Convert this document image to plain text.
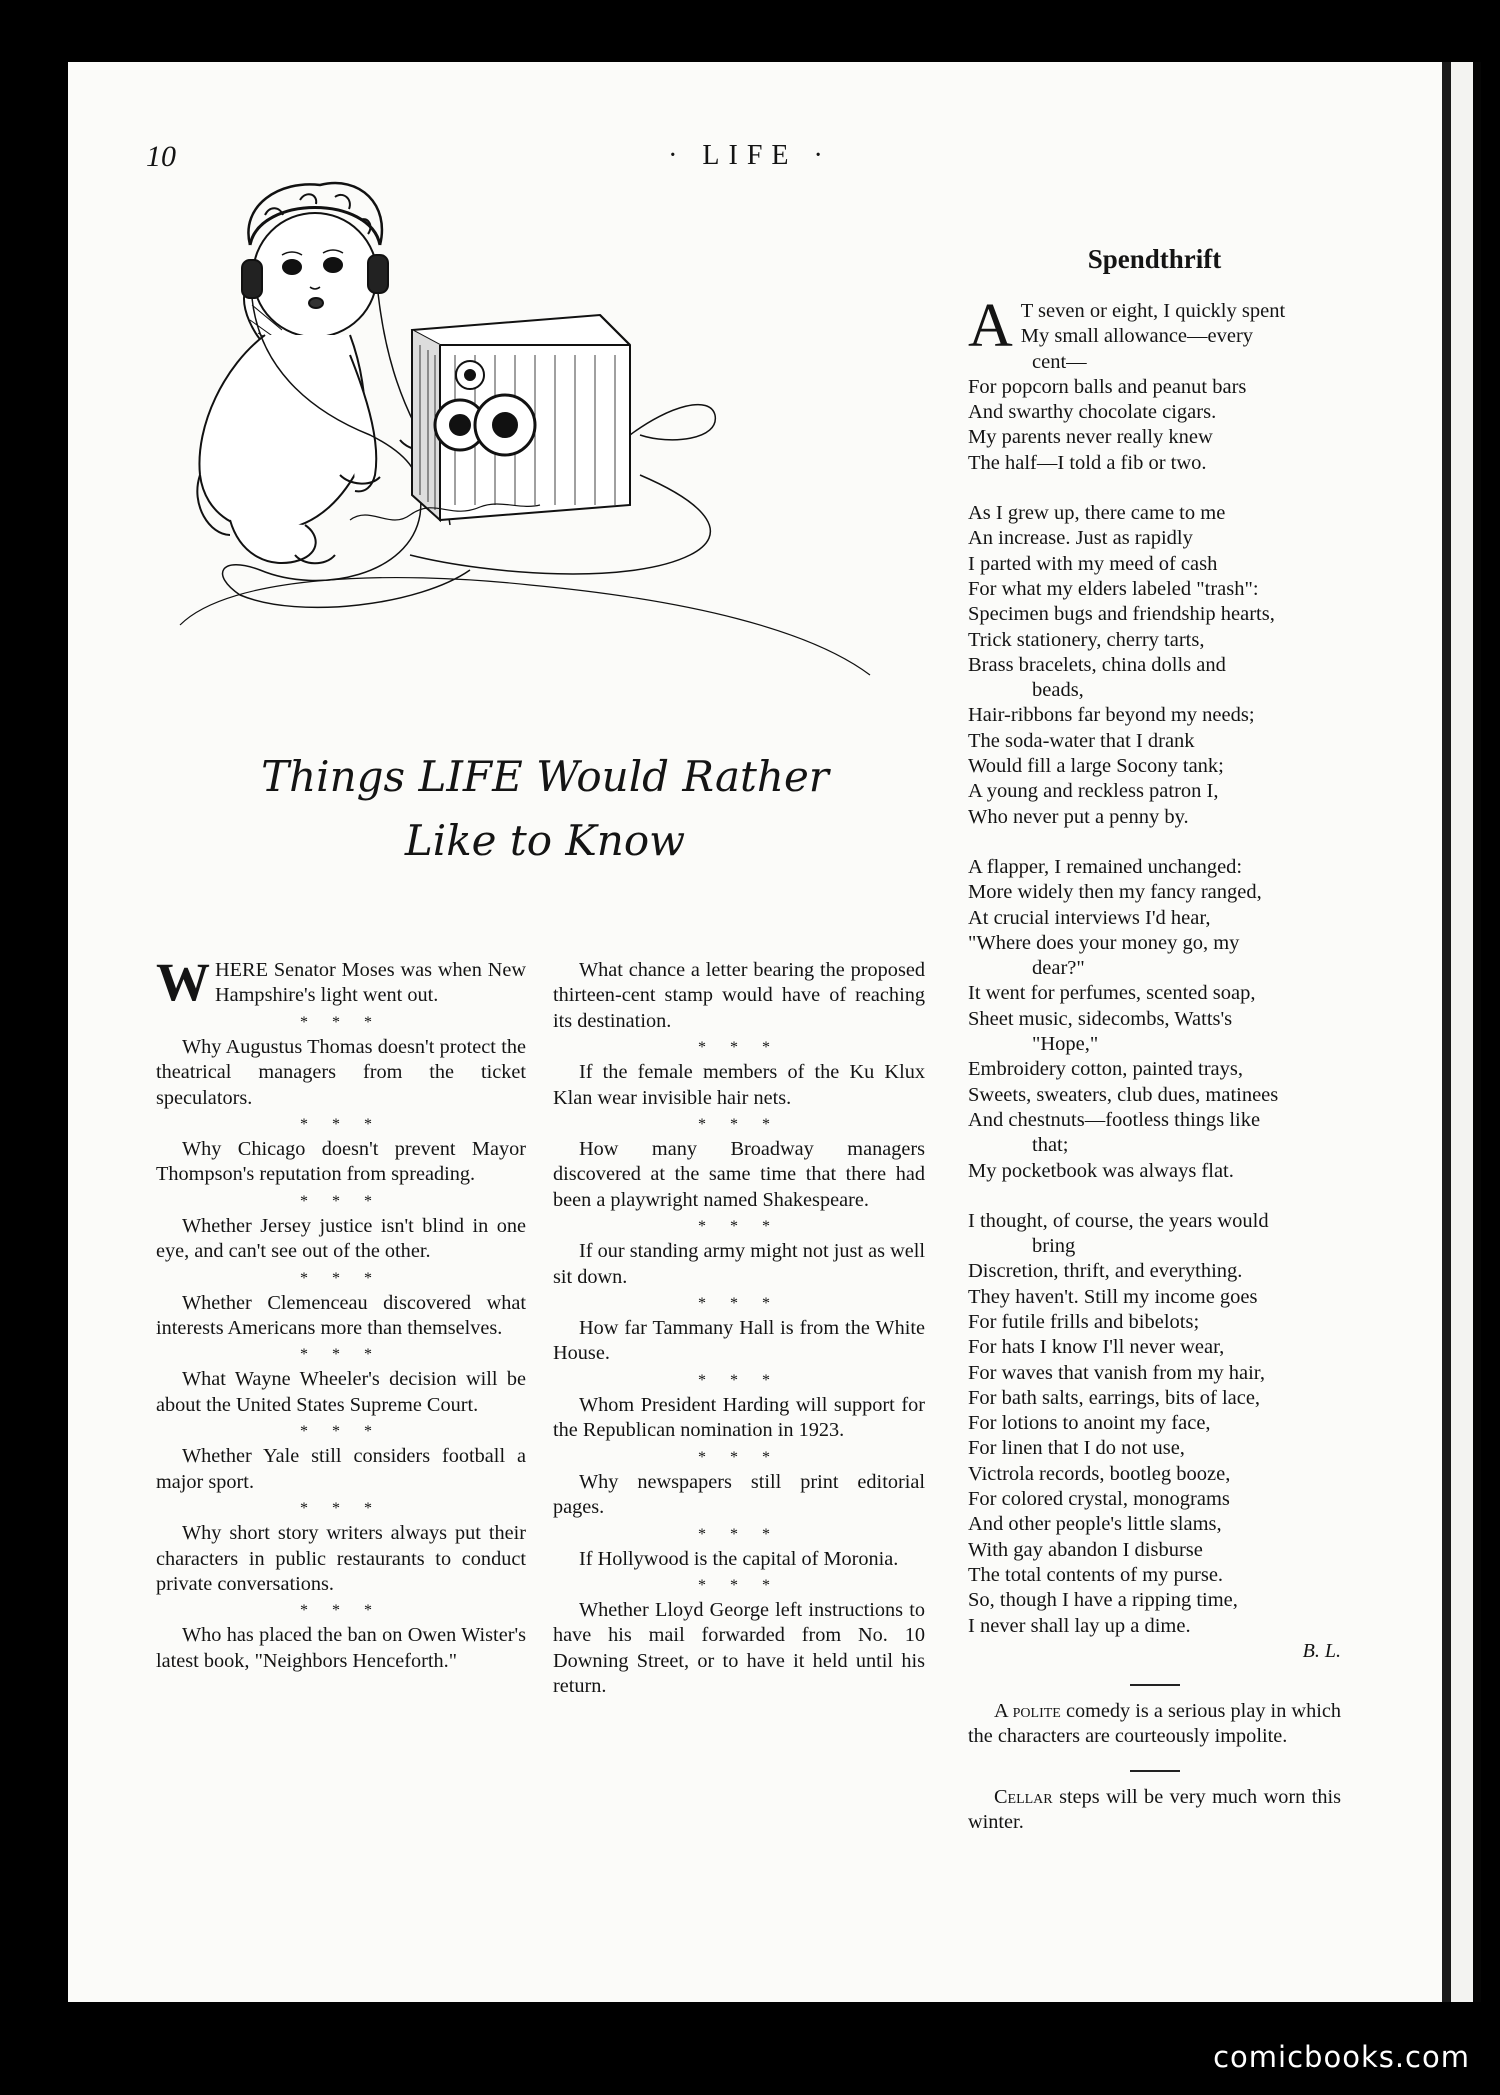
10	· LIFE ·
Things LIFE Would Rather
Like to Know

WHERE Senator Moses was when New Hampshire's light went out.

* * *

Why Augustus Thomas doesn't protect the theatrical managers from the ticket speculators.

* * *

Why Chicago doesn't prevent Mayor Thompson's reputation from spreading.

* * *

Whether Jersey justice isn't blind in one eye, and can't see out of the other.

* * *

Whether Clemenceau discovered what interests Americans more than themselves.

* * *

What Wayne Wheeler's decision will be about the United States Supreme Court.

* * *

Whether Yale still considers football a major sport.

* * *

Why short story writers always put their characters in public restaurants to conduct private conversations.

* * *

Who has placed the ban on Owen Wister's latest book, "Neighbors Henceforth."

What chance a letter bearing the proposed thirteen-cent stamp would have of reaching its destination.

* * *

If the female members of the Ku Klux Klan wear invisible hair nets.

* * *

How many Broadway managers discovered at the same time that there had been a playwright named Shakespeare.

* * *

If our standing army might not just as well sit down.

* * *

How far Tammany Hall is from the White House.

* * *

Whom President Harding will support for the Republican nomination in 1923.

* * *

Why newspapers still print editorial pages.

* * *

If Hollywood is the capital of Moronia.

* * *

Whether Lloyd George left instructions to have his mail forwarded from No. 10 Downing Street, or to have it held until his return.

Spendthrift
A T seven or eight, I quickly spent
My small allowance—every
cent—
For popcorn balls and peanut bars
And swarthy chocolate cigars.
My parents never really knew
The half—I told a fib or two.
As I grew up, there came to me
An increase. Just as rapidly
I parted with my meed of cash
For what my elders labeled "trash":
Specimen bugs and friendship hearts,
Trick stationery, cherry tarts,
Brass bracelets, china dolls and
beads,
Hair-ribbons far beyond my needs;
The soda-water that I drank
Would fill a large Socony tank;
A young and reckless patron I,
Who never put a penny by.
A flapper, I remained unchanged:
More widely then my fancy ranged,
At crucial interviews I'd hear,
"Where does your money go, my
dear?"
It went for perfumes, scented soap,
Sheet music, sidecombs, Watts's
"Hope,"
Embroidery cotton, painted trays,
Sweets, sweaters, club dues, matinees
And chestnuts—footless things like
that;
My pocketbook was always flat.
I thought, of course, the years would
bring
Discretion, thrift, and everything.
They haven't. Still my income goes
For futile frills and bibelots;
For hats I know I'll never wear,
For waves that vanish from my hair,
For bath salts, earrings, bits of lace,
For lotions to anoint my face,
For linen that I do not use,
Victrola records, bootleg booze,
For colored crystal, monograms
And other people's little slams,
With gay abandon I disburse
The total contents of my purse.
So, though I have a ripping time,
I never shall lay up a dime.
B. L.

A polite comedy is a serious play in which the characters are courteously impolite.

Cellar steps will be very much worn this winter.

comicbooks.com
